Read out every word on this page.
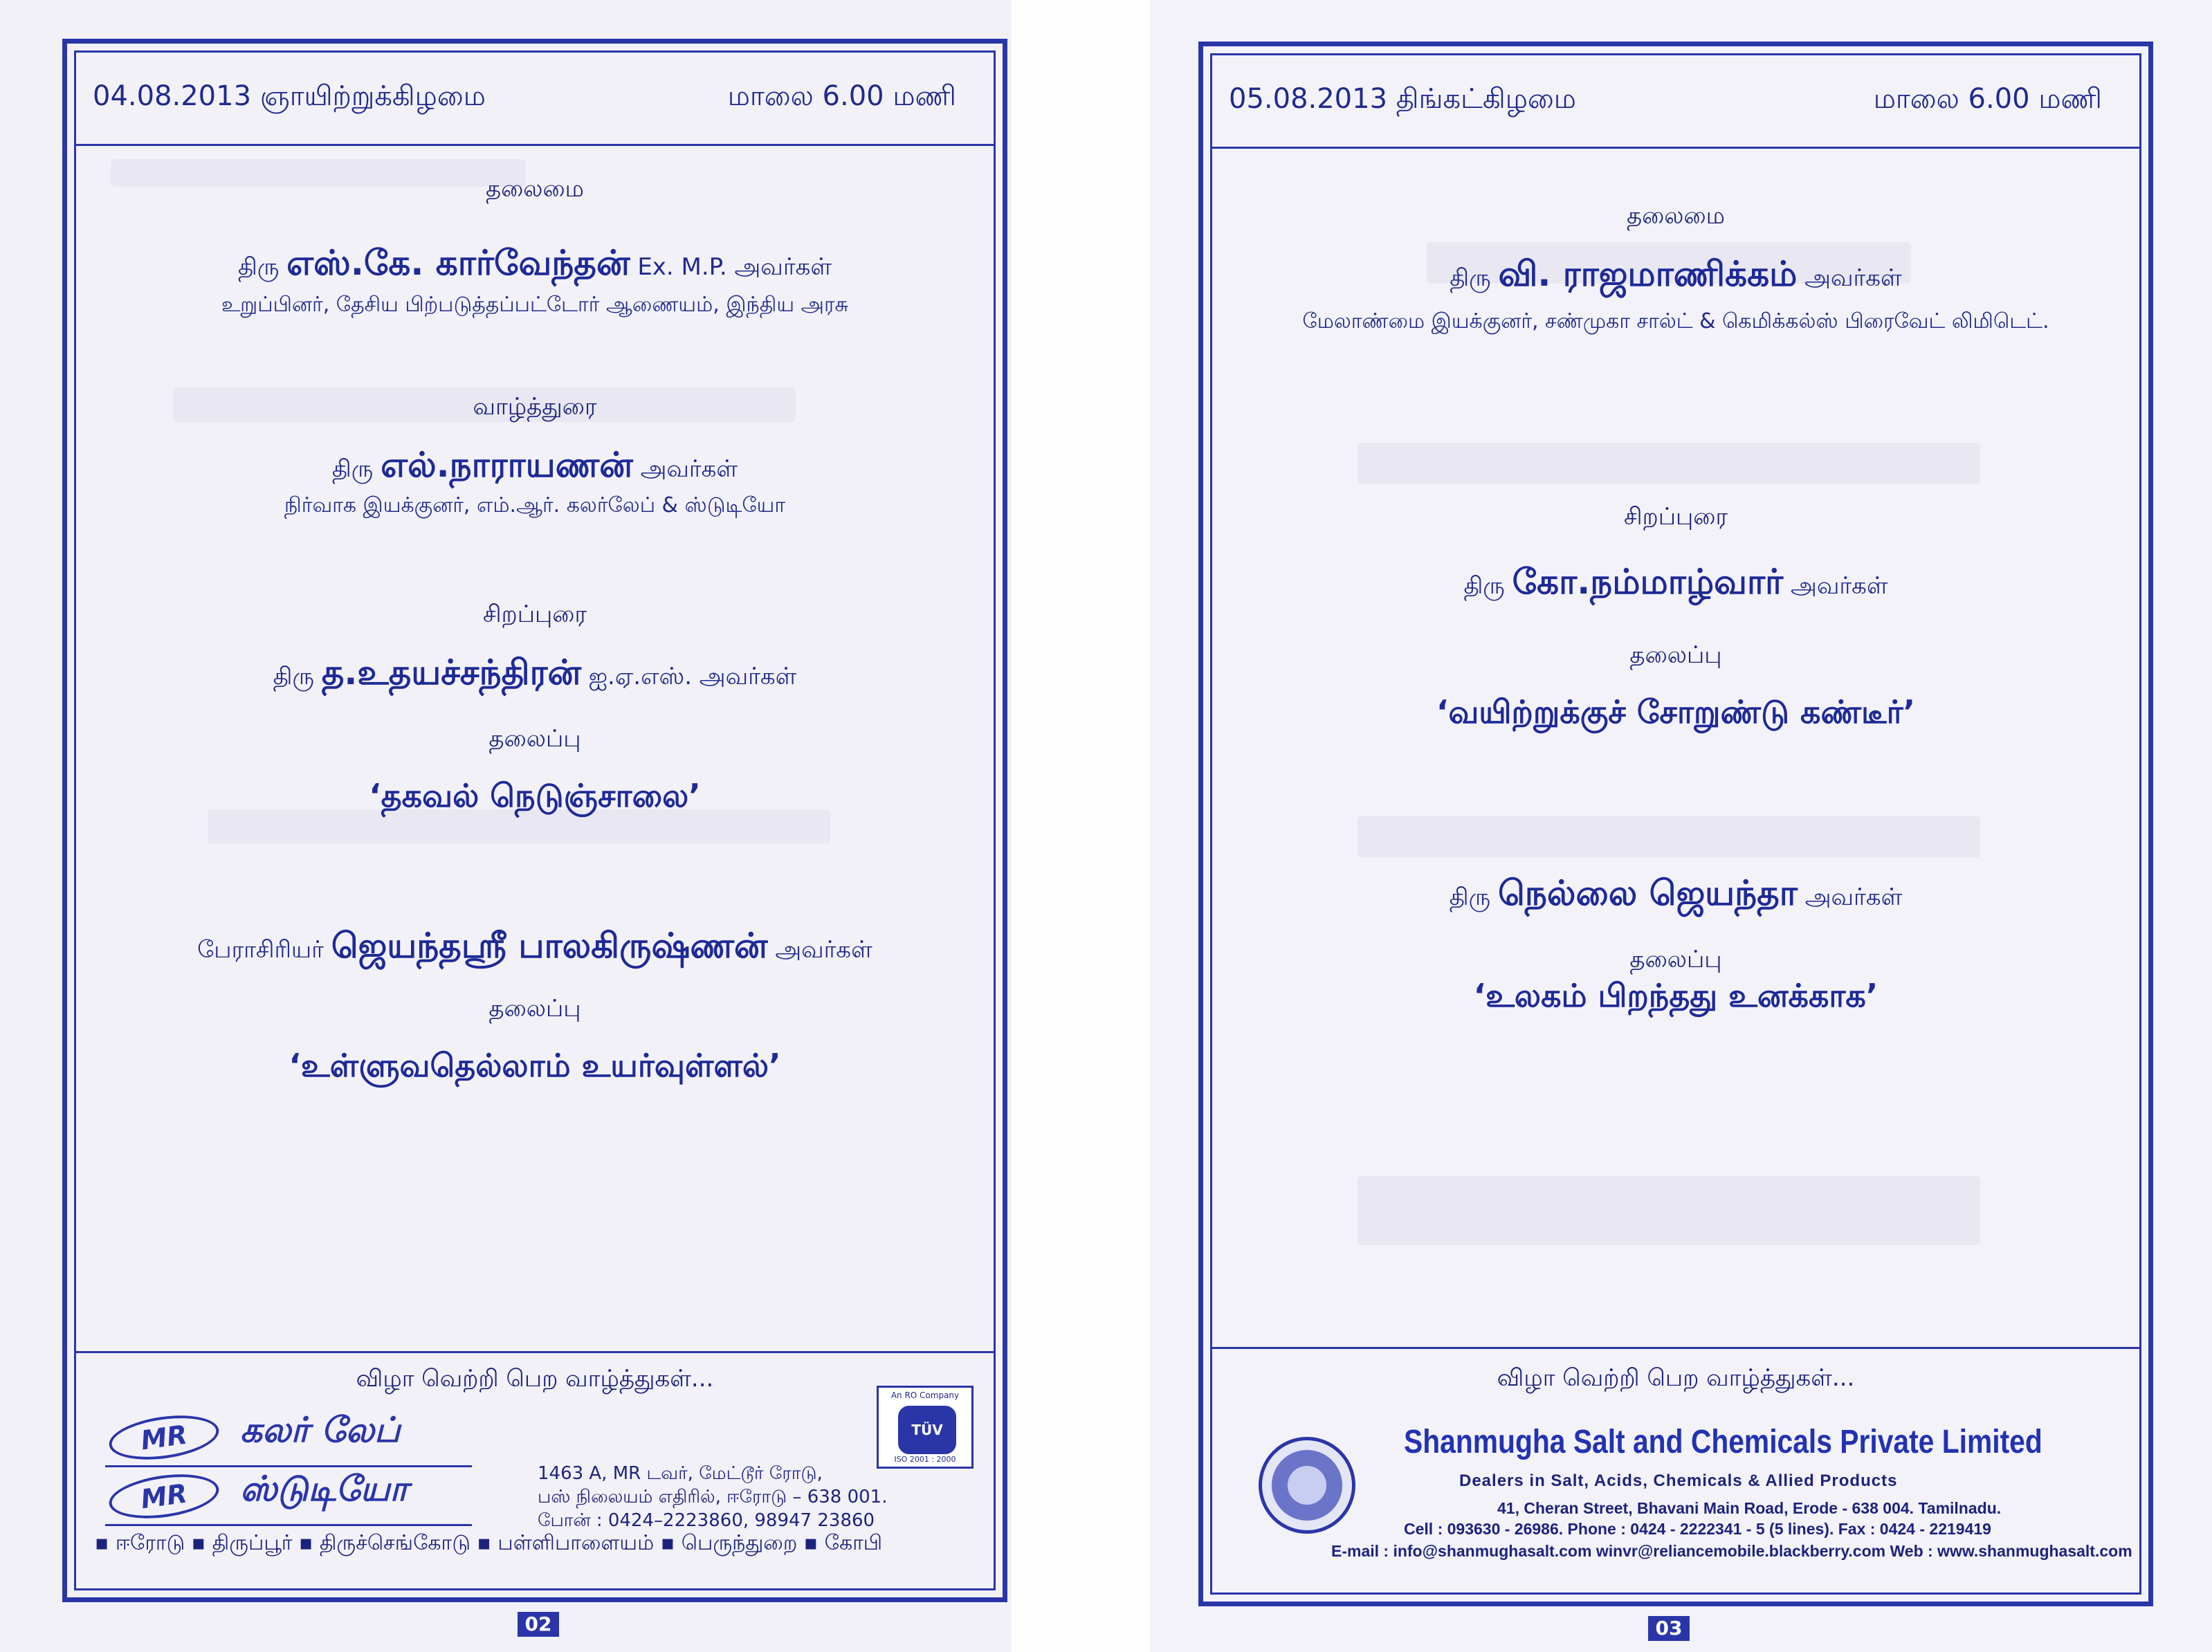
04.08.2013 ஞாயிற்றுக்கிழமை	மாலை 6.00 மணி
தலைமை
திரு எஸ்.கே. கார்வேந்தன் Ex. M.P. அவர்கள்
உறுப்பினர், தேசிய பிற்படுத்தப்பட்டோர் ஆணையம், இந்திய அரசு
வாழ்த்துரை
திரு எல்.நாராயணன் அவர்கள்
நிர்வாக இயக்குனர், எம்.ஆர். கலர்லேப் & ஸ்டுடியோ
சிறப்புரை
திரு த.உதயச்சந்திரன் ஐ.ஏ.எஸ். அவர்கள்
தலைப்பு
‘தகவல் நெடுஞ்சாலை’
பேராசிரியர் ஜெயந்தஸ்ரீ பாலகிருஷ்ணன் அவர்கள்
தலைப்பு
‘உள்ளுவதெல்லாம் உயர்வுள்ளல்’
விழா வெற்றி பெற வாழ்த்துகள்...
MR	கலர் லேப்
MR	ஸ்டுடியோ	1463 A, MR டவர், மேட்டூர் ரோடு,
பஸ் நிலையம் எதிரில், ஈரோடு – 638 001.
போன் : 0424–2223860, 98947 23860
An RO Company
TÜV
ISO 2001 : 2000
▪ ஈரோடு ▪ திருப்பூர் ▪ திருச்செங்கோடு ▪ பள்ளிபாளையம் ▪ பெருந்துறை ▪ கோபி
02
05.08.2013 திங்கட்கிழமை	மாலை 6.00 மணி
தலைமை
திரு வி. ராஜமாணிக்கம் அவர்கள்
மேலாண்மை இயக்குனர், சண்முகா சால்ட் & கெமிக்கல்ஸ் பிரைவேட் லிமிடெட்.
சிறப்புரை
திரு கோ.நம்மாழ்வார் அவர்கள்
தலைப்பு
‘வயிற்றுக்குச் சோறுண்டு கண்டீர்’
திரு நெல்லை ஜெயந்தா அவர்கள்
தலைப்பு
‘உலகம் பிறந்தது உனக்காக’
விழா வெற்றி பெற வாழ்த்துகள்...
Shanmugha Salt and Chemicals Private Limited
Dealers in Salt, Acids, Chemicals & Allied Products
41, Cheran Street, Bhavani Main Road, Erode - 638 004. Tamilnadu.
Cell : 093630 - 26986. Phone : 0424 - 2222341 - 5 (5 lines). Fax : 0424 - 2219419
E-mail : info@shanmughasalt.com winvr@reliancemobile.blackberry.com Web : www.shanmughasalt.com
03
